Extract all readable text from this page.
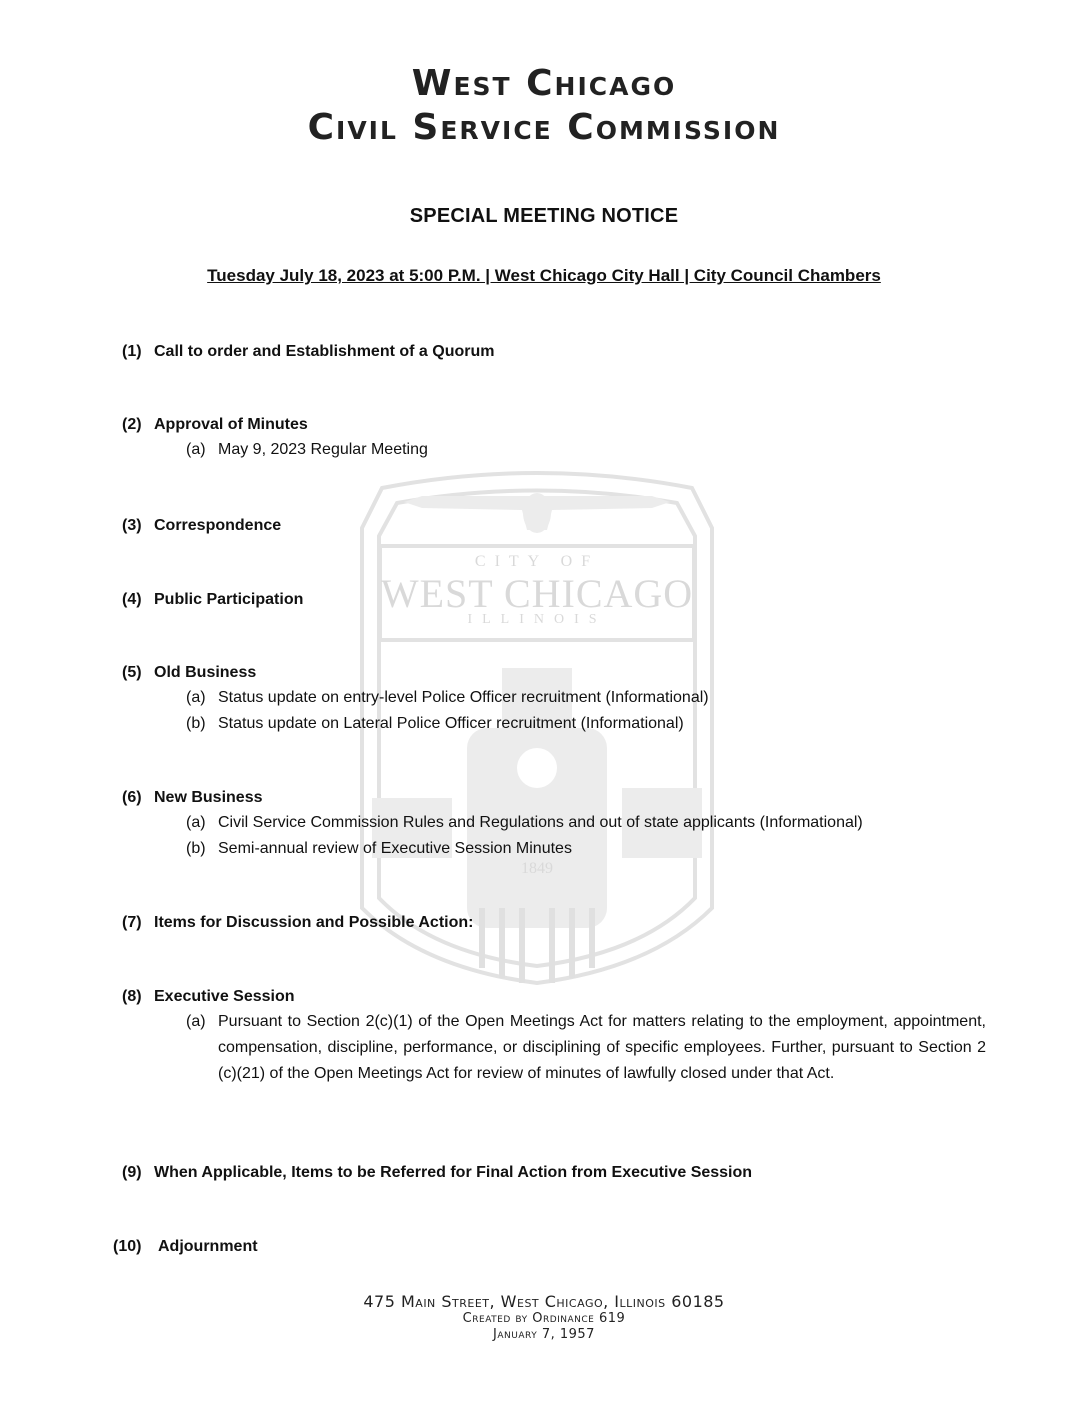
CITY OF
WEST CHICAGO
ILLINOIS
1849
West Chicago
Civil Service Commission
SPECIAL MEETING NOTICE
Tuesday July 18, 2023 at 5:00 P.M. | West Chicago City Hall | City Council Chambers
(1) Call to order and Establishment of a Quorum
(2) Approval of Minutes
(a) May 9, 2023 Regular Meeting
(3) Correspondence
(4) Public Participation
(5) Old Business
(a) Status update on entry-level Police Officer recruitment (Informational)
(b) Status update on Lateral Police Officer recruitment (Informational)
(6) New Business
(a) Civil Service Commission Rules and Regulations and out of state applicants (Informational)
(b) Semi-annual review of Executive Session Minutes
(7) Items for Discussion and Possible Action:
(8) Executive Session
(a) Pursuant to Section 2(c)(1) of the Open Meetings Act for matters relating to the employment, appointment, compensation, discipline, performance, or disciplining of specific employees. Further, pursuant to Section 2 (c)(21) of the Open Meetings Act for review of minutes of lawfully closed under that Act.
(9) When Applicable, Items to be Referred for Final Action from Executive Session
(10) Adjournment
475 Main Street, West Chicago, Illinois 60185
Created by Ordinance 619
January 7, 1957
